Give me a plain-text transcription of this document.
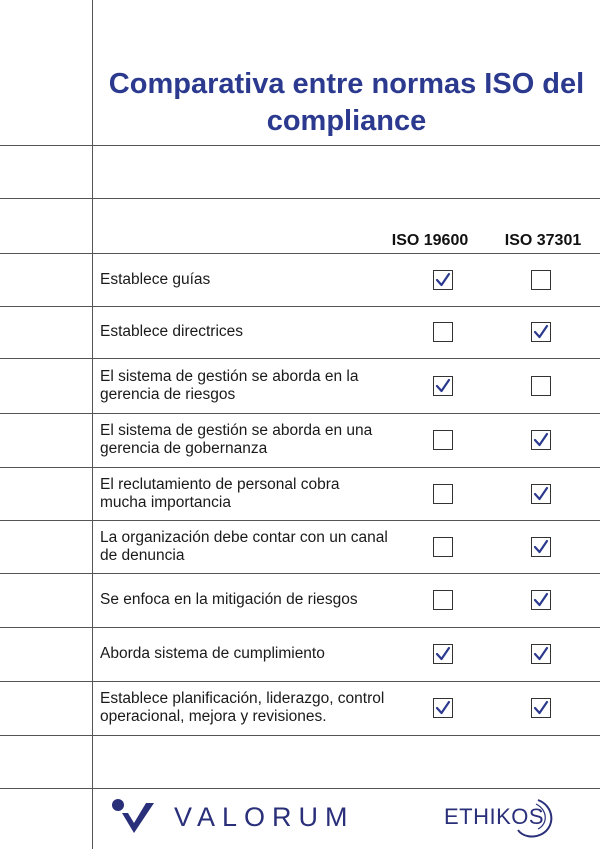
Comparativa entre normas ISO del compliance
ISO 19600	ISO 37301
Establece guías
Establece directrices
El sistema de gestión se aborda en la gerencia de riesgos
El sistema de gestión se aborda en una gerencia de gobernanza
El reclutamiento de personal cobra mucha importancia
La organización debe contar con un canal de denuncia
Se enfoca en la mitigación de riesgos
Aborda sistema de cumplimiento
Establece planificación, liderazgo, control operacional, mejora y revisiones.
VALORUM	ETHIKOS
